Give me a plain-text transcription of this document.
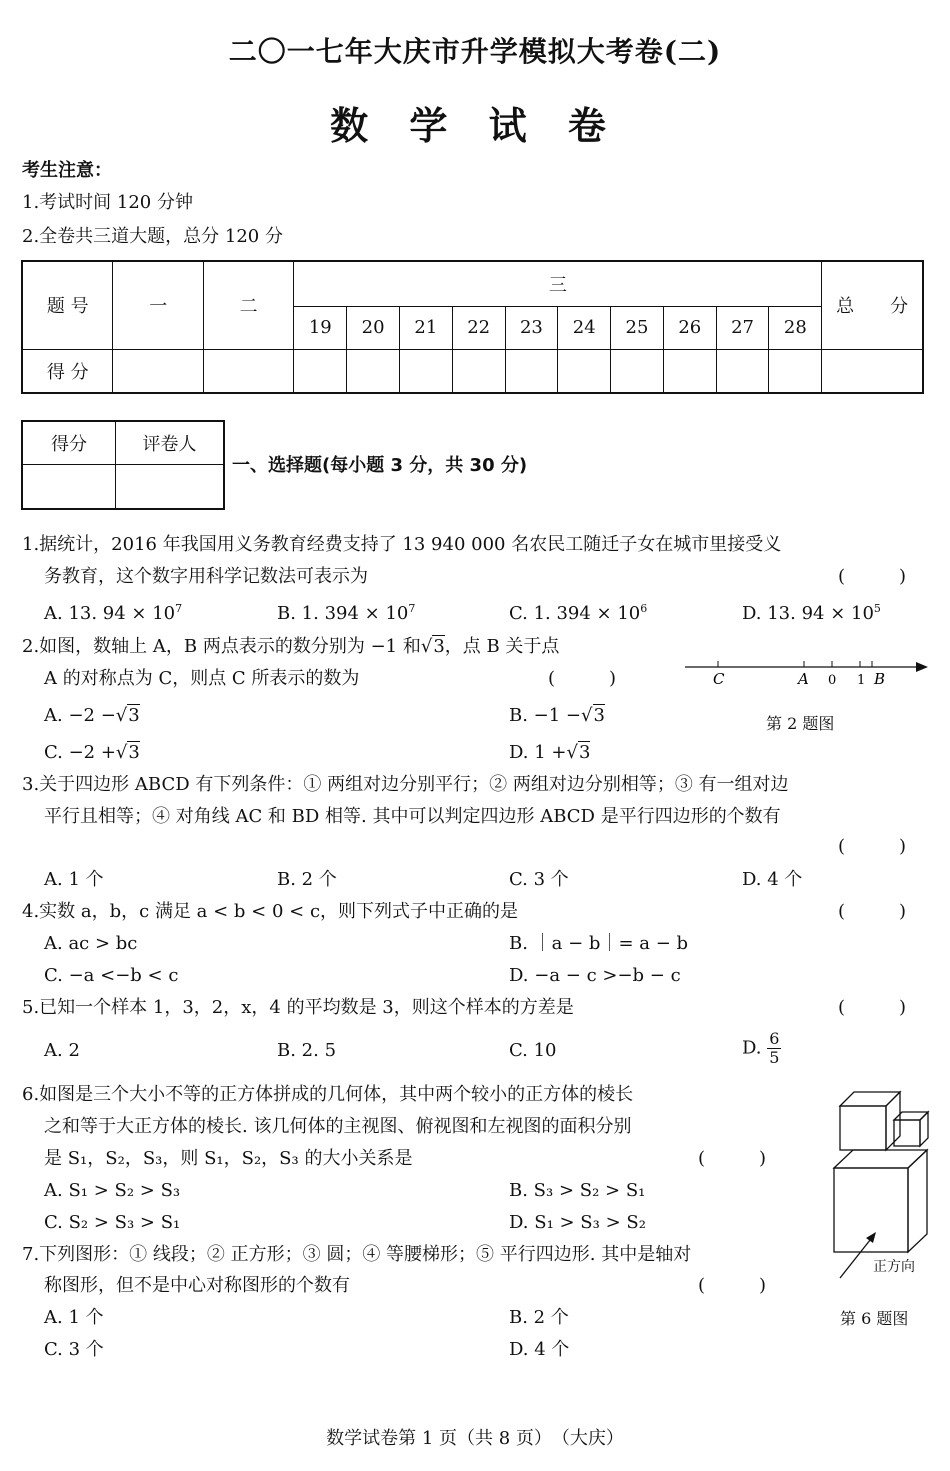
二〇一七年大庆市升学模拟大考卷(二)
数 学 试 卷
考生注意：
1.考试时间 120 分钟
2.全卷共三道大题，总分 120 分
题 号	一	二	三										总　　分
			19	20	21	22	23	24	25	26	27	28	
得 分													
得分	评卷人

一、选择题(每小题 3 分，共 30 分)
1.据统计，2016 年我国用义务教育经费支持了 13 940 000 名农民工随迁子女在城市里接受义
务教育，这个数字用科学记数法可表示为	(　　　)
A. 13. $94 \times 10^7$	B. 1. $394 \times 10^7$	C. 1. $394 \times 10^6$	D. 13. $94 \times 10^5$
2.如图，数轴上 A，B 两点表示的数分别为 −1 和√3，点 B 关于点
A 的对称点为 C，则点 C 所表示的数为	(　　　)
A. −2 −√3	B. −1 −√3
C. −2 +√3	D. 1 +√3
C	A 0 1 B
第 2 题图
3.关于四边形 ABCD 有下列条件：① 两组对边分别平行；② 两组对边分别相等；③ 有一组对边
平行且相等；④ 对角线 AC 和 BD 相等. 其中可以判定四边形 ABCD 是平行四边形的个数有
(　　　)
A. 1 个	B. 2 个	C. 3 个	D. 4 个
4.实数 a，b，c 满足 a < b < 0 < c，则下列式子中正确的是	(　　　)
A. ac > bc	B. ｜a − b｜= a − b
C. −a <−b < c	D. −a − c >−b − c
5.已知一个样本 1，3，2，x，4 的平均数是 3，则这个样本的方差是	(　　　)
A. 2	B. 2. 5	C. 10	D. $\frac{6}{5}$
6.如图是三个大小不等的正方体拼成的几何体，其中两个较小的正方体的棱长
之和等于大正方体的棱长. 该几何体的主视图、俯视图和左视图的面积分别
是 S₁，S₂，S₃，则 S₁，S₂，S₃ 的大小关系是	(　　　)
A. S₁ > S₂ > S₃	B. S₃ > S₂ > S₁
C. S₂ > S₃ > S₁	D. S₁ > S₃ > S₂
正方向
第 6 题图
7.下列图形：① 线段；② 正方形；③ 圆；④ 等腰梯形；⑤ 平行四边形. 其中是轴对
称图形，但不是中心对称图形的个数有	(　　　)
A. 1 个	B. 2 个
C. 3 个	D. 4 个
数学试卷第 1 页（共 8 页）　（大庆）
